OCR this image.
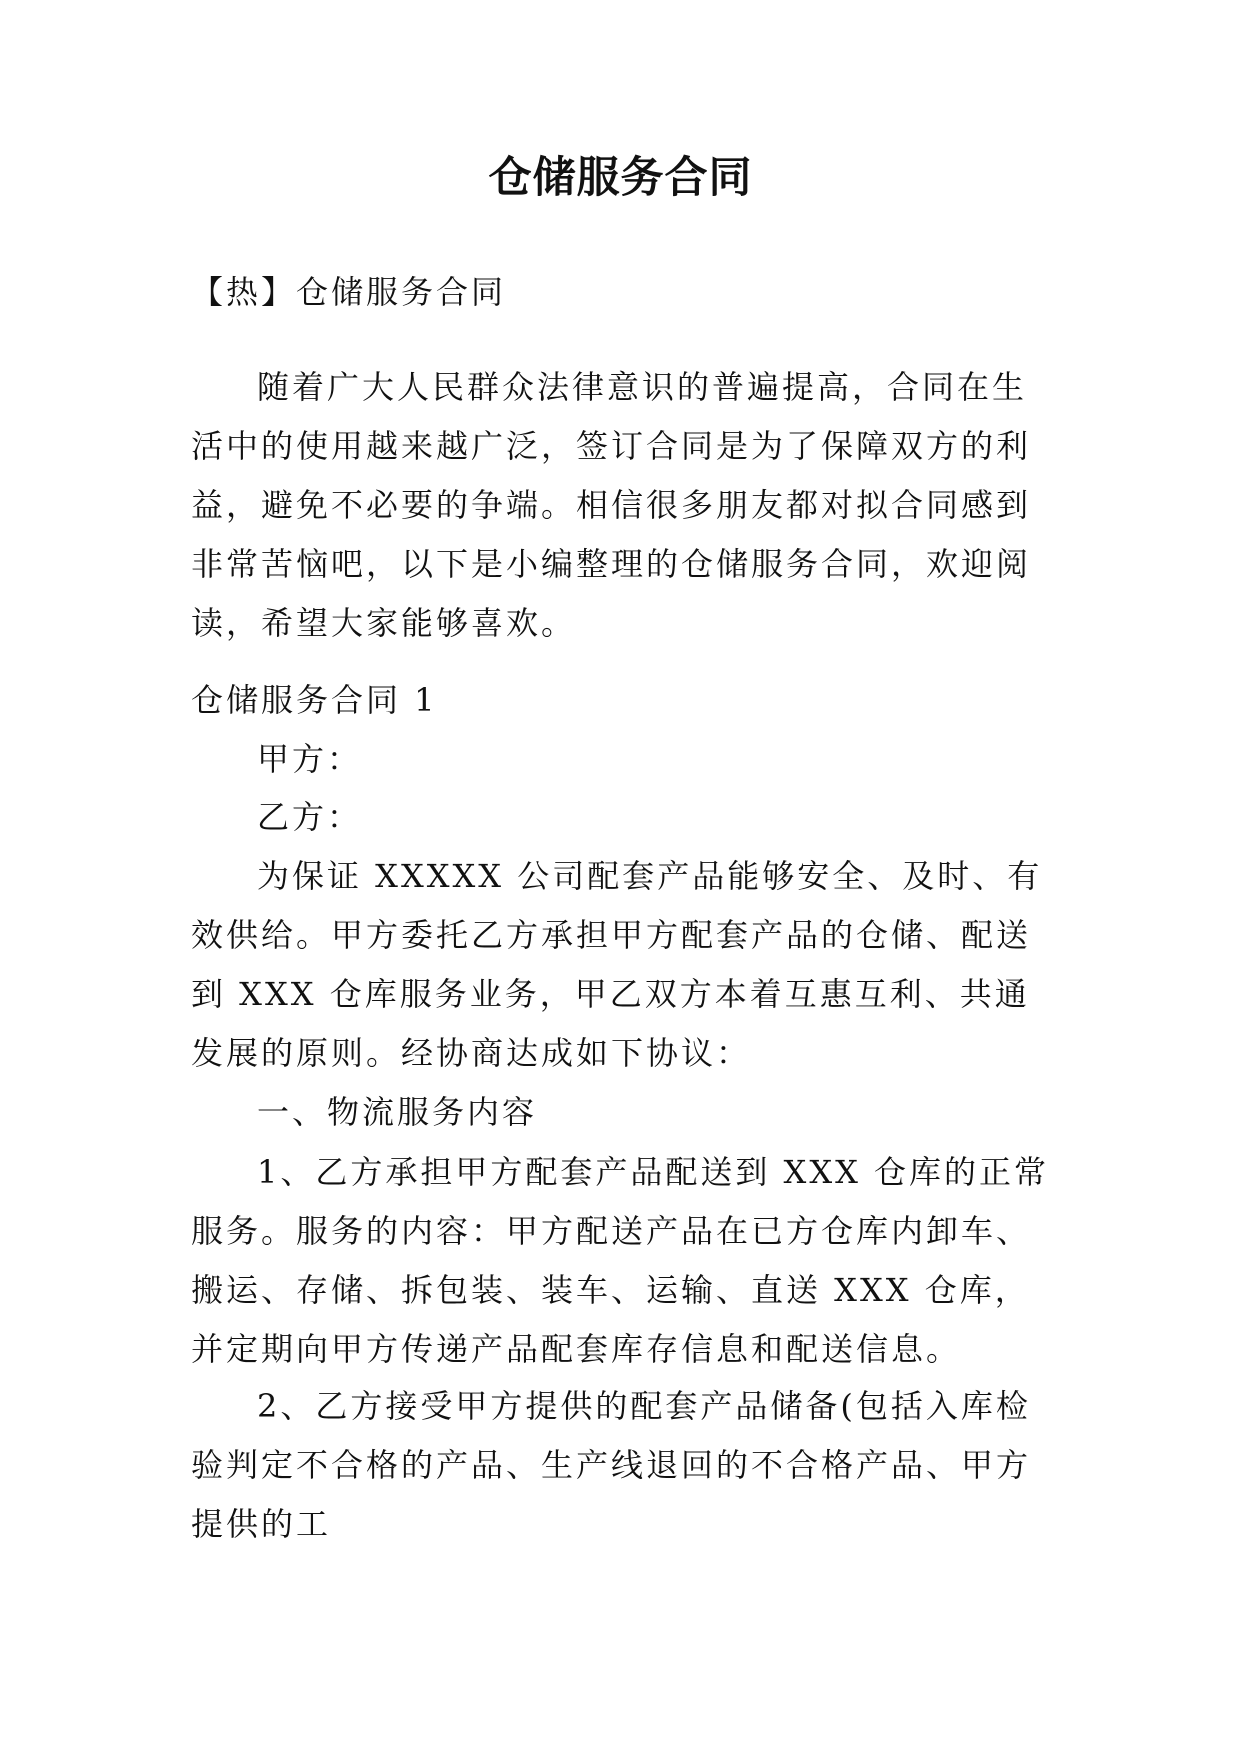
仓储服务合同

【热】仓储服务合同

随着广大人民群众法律意识的普遍提高，合同在生活中的使用越来越广泛，签订合同是为了保障双方的利益，避免不必要的争端。相信很多朋友都对拟合同感到非常苦恼吧，以下是小编整理的仓储服务合同，欢迎阅读，希望大家能够喜欢。

仓储服务合同 1

甲方：

乙方：

为保证 XXXXX 公司配套产品能够安全、及时、有效供给。甲方委托乙方承担甲方配套产品的仓储、配送到 XXX 仓库服务业务，甲乙双方本着互惠互利、共通发展的原则。经协商达成如下协议：

一、物流服务内容

1、乙方承担甲方配套产品配送到 XXX 仓库的正常服务。服务的内容：甲方配送产品在已方仓库内卸车、搬运、存储、拆包装、装车、运输、直送 XXX 仓库，并定期向甲方传递产品配套库存信息和配送信息。

2、乙方接受甲方提供的配套产品储备(包括入库检验判定不合格的产品、生产线退回的不合格产品、甲方提供的工
